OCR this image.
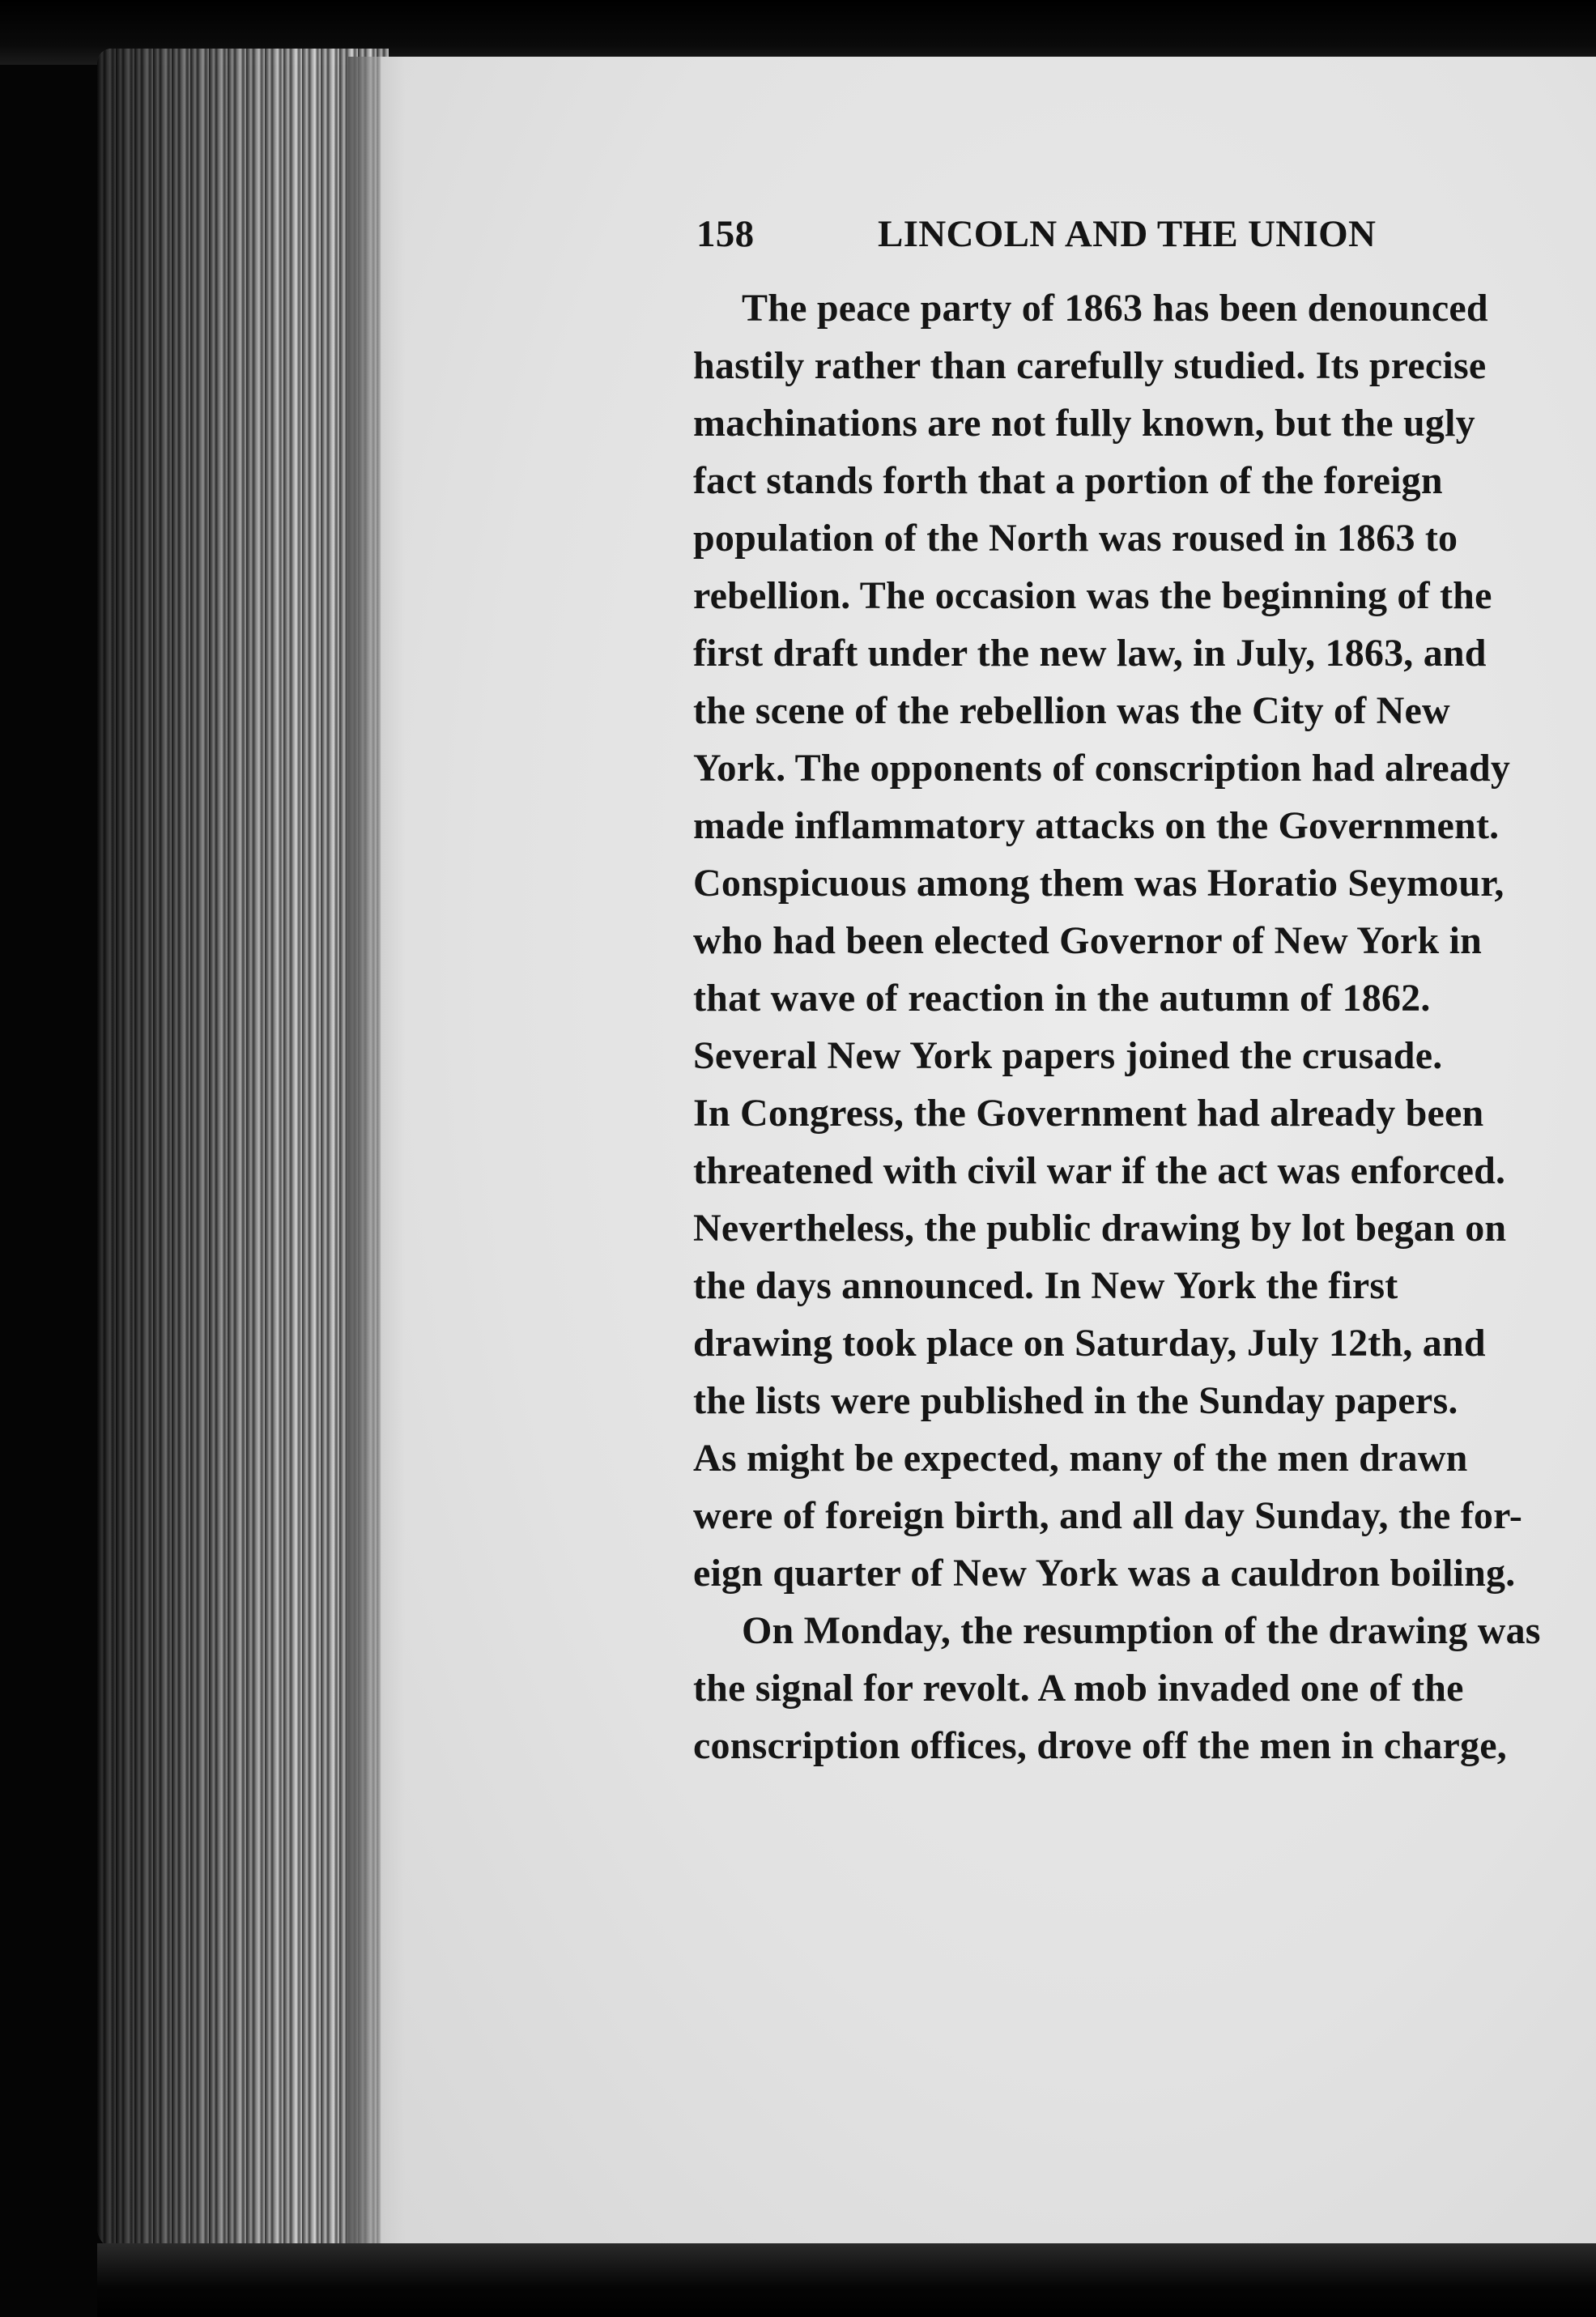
158	LINCOLN AND THE UNION
The peace party of 1863 has been denounced
hastily rather than carefully studied. Its precise
machinations are not fully known, but the ugly
fact stands forth that a portion of the foreign
population of the North was roused in 1863 to
rebellion. The occasion was the beginning of the
first draft under the new law, in July, 1863, and
the scene of the rebellion was the City of New
York. The opponents of conscription had already
made inflammatory attacks on the Government.
Conspicuous among them was Horatio Seymour,
who had been elected Governor of New York in
that wave of reaction in the autumn of 1862.
Several New York papers joined the crusade.
In Congress, the Government had already been
threatened with civil war if the act was enforced.
Nevertheless, the public drawing by lot began on
the days announced. In New York the first
drawing took place on Saturday, July 12th, and
the lists were published in the Sunday papers.
As might be expected, many of the men drawn
were of foreign birth, and all day Sunday, the for-
eign quarter of New York was a cauldron boiling.
On Monday, the resumption of the drawing was
the signal for revolt. A mob invaded one of the
conscription offices, drove off the men in charge,
